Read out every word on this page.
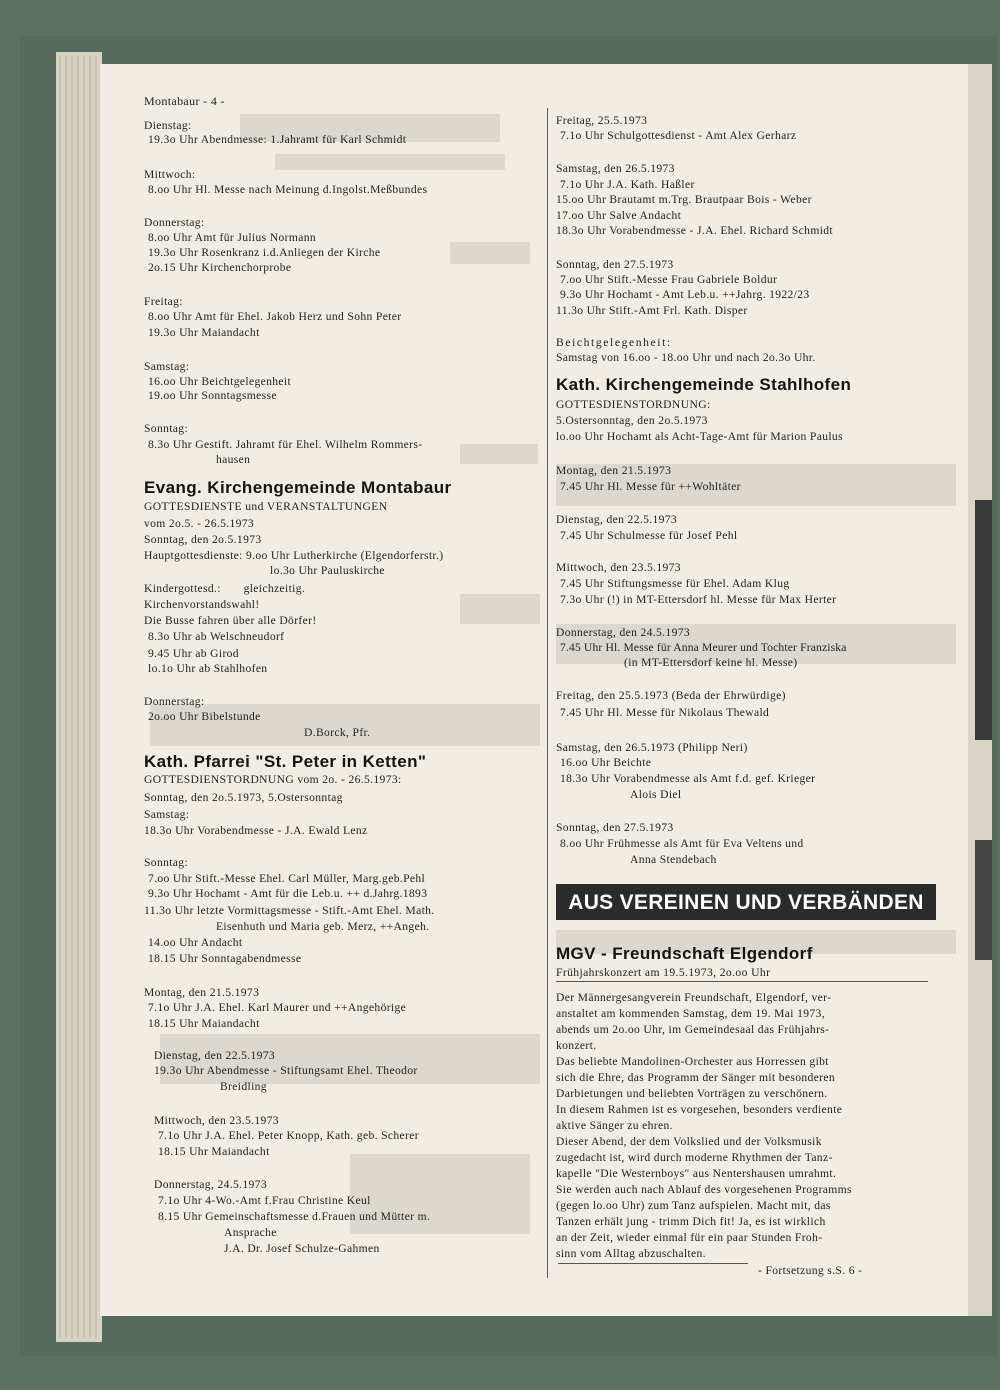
Montabaur - 4 -
Dienstag:
19.3o Uhr Abendmesse: 1.Jahramt für Karl Schmidt
Mittwoch:
8.oo Uhr Hl. Messe nach Meinung d.Ingolst.Meßbundes
Donnerstag:
8.oo Uhr Amt für Julius Normann
19.3o Uhr Rosenkranz i.d.Anliegen der Kirche
2o.15 Uhr Kirchenchorprobe
Freitag:
8.oo Uhr Amt für Ehel. Jakob Herz und Sohn Peter
19.3o Uhr Maiandacht
Samstag:
16.oo Uhr Beichtgelegenheit
19.oo Uhr Sonntagsmesse
Sonntag:
8.3o Uhr Gestift. Jahramt für Ehel. Wilhelm Rommers-
hausen
Evang. Kirchengemeinde Montabaur
GOTTESDIENSTE und VERANSTALTUNGEN
vom 2o.5. - 26.5.1973
Sonntag, den 2o.5.1973
Hauptgottesdienste: 9.oo Uhr Lutherkirche (Elgendorferstr.)
lo.3o Uhr Pauluskirche
Kindergottesd.:       gleichzeitig.
Kirchenvorstandswahl!
Die Busse fahren über alle Dörfer!
8.3o Uhr ab Welschneudorf
9.45 Uhr ab Girod
lo.1o Uhr ab Stahlhofen
Donnerstag:
2o.oo Uhr Bibelstunde
D.Borck, Pfr.
Kath. Pfarrei "St. Peter in Ketten"
GOTTESDIENSTORDNUNG vom 2o. - 26.5.1973:
Sonntag, den 2o.5.1973, 5.Ostersonntag
Samstag:
18.3o Uhr Vorabendmesse - J.A. Ewald Lenz
Sonntag:
7.oo Uhr Stift.-Messe Ehel. Carl Müller, Marg.geb.Pehl
9.3o Uhr Hochamt - Amt für die Leb.u. ++ d.Jahrg.1893
11.3o Uhr letzte Vormittagsmesse - Stift.-Amt Ehel. Math.
Eisenhuth und Maria geb. Merz, ++Angeh.
14.oo Uhr Andacht
18.15 Uhr Sonntagabendmesse
Montag, den 21.5.1973
7.1o Uhr J.A. Ehel. Karl Maurer und ++Angehörige
18.15 Uhr Maiandacht
Dienstag, den 22.5.1973
19.3o Uhr Abendmesse - Stiftungsamt Ehel. Theodor
Breidling
Mittwoch, den 23.5.1973
7.1o Uhr J.A. Ehel. Peter Knopp, Kath. geb. Scherer
18.15 Uhr Maiandacht
Donnerstag, 24.5.1973
7.1o Uhr 4-Wo.-Amt f.Frau Christine Keul
8.15 Uhr Gemeinschaftsmesse d.Frauen und Mütter m.
Ansprache
J.A. Dr. Josef Schulze-Gahmen
Freitag, 25.5.1973
7.1o Uhr Schulgottesdienst - Amt Alex Gerharz
Samstag, den 26.5.1973
7.1o Uhr J.A. Kath. Haßler
15.oo Uhr Brautamt m.Trg. Brautpaar Bois - Weber
17.oo Uhr Salve Andacht
18.3o Uhr Vorabendmesse - J.A. Ehel. Richard Schmidt
Sonntag, den 27.5.1973
7.oo Uhr Stift.-Messe Frau Gabriele Boldur
9.3o Uhr Hochamt - Amt Leb.u. ++Jahrg. 1922/23
11.3o Uhr Stift.-Amt Frl. Kath. Disper
Beichtgelegenheit:
Samstag von 16.oo - 18.oo Uhr und nach 2o.3o Uhr.
Kath. Kirchengemeinde Stahlhofen
GOTTESDIENSTORDNUNG:
5.Ostersonntag, den 2o.5.1973
lo.oo Uhr Hochamt als Acht-Tage-Amt für Marion Paulus
Montag, den 21.5.1973
7.45 Uhr Hl. Messe für ++Wohltäter
Dienstag, den 22.5.1973
7.45 Uhr Schulmesse für Josef Pehl
Mittwoch, den 23.5.1973
7.45 Uhr Stiftungsmesse für Ehel. Adam Klug
7.3o Uhr (!) in MT-Ettersdorf hl. Messe für Max Herter
Donnerstag, den 24.5.1973
7.45 Uhr Hl. Messe für Anna Meurer und Tochter Franziska
(in MT-Ettersdorf keine hl. Messe)
Freitag, den 25.5.1973 (Beda der Ehrwürdige)
7.45 Uhr Hl. Messe für Nikolaus Thewald
Samstag, den 26.5.1973 (Philipp Neri)
16.oo Uhr Beichte
18.3o Uhr Vorabendmesse als Amt f.d. gef. Krieger
Alois Diel
Sonntag, den 27.5.1973
8.oo Uhr Frühmesse als Amt für Eva Veltens und
Anna Stendebach
AUS VEREINEN UND VERBÄNDEN
MGV - Freundschaft Elgendorf
Frühjahrskonzert am 19.5.1973, 2o.oo Uhr
Der Männergesangverein Freundschaft, Elgendorf, ver-
anstaltet am kommenden Samstag, dem 19. Mai 1973,
abends um 2o.oo Uhr, im Gemeindesaal das Frühjahrs-
konzert.
Das beliebte Mandolinen-Orchester aus Horressen gibt
sich die Ehre, das Programm der Sänger mit besonderen
Darbietungen und beliebten Vorträgen zu verschönern.
In diesem Rahmen ist es vorgesehen, besonders verdiente
aktive Sänger zu ehren.
Dieser Abend, der dem Volkslied und der Volksmusik
zugedacht ist, wird durch moderne Rhythmen der Tanz-
kapelle "Die Westernboys" aus Nentershausen umrahmt.
Sie werden auch nach Ablauf des vorgesehenen Programms
(gegen lo.oo Uhr) zum Tanz aufspielen. Macht mit, das
Tanzen erhält jung - trimm Dich fit! Ja, es ist wirklich
an der Zeit, wieder einmal für ein paar Stunden Froh-
sinn vom Alltag abzuschalten.
- Fortsetzung s.S. 6 -
